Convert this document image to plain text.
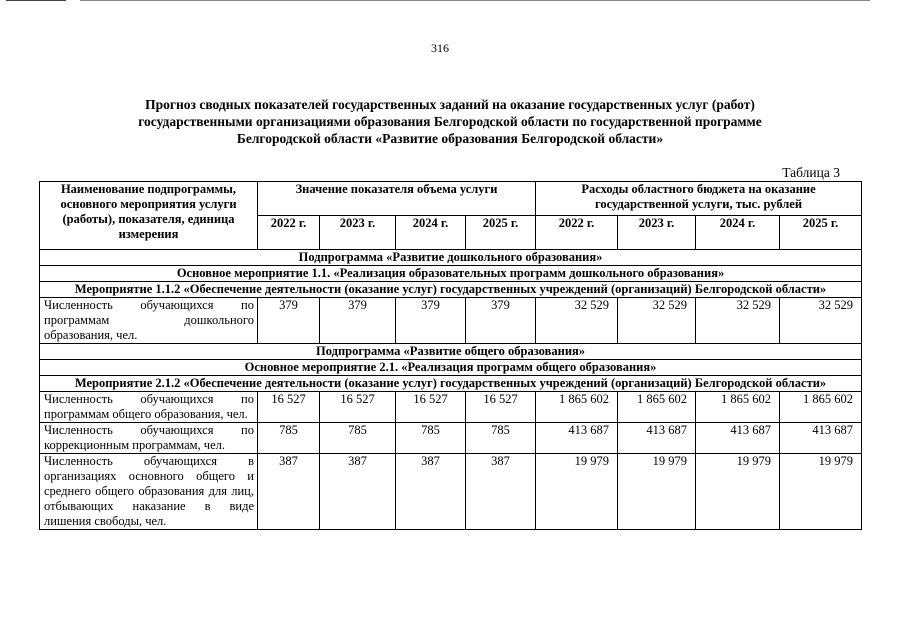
316
Прогноз сводных показателей государственных заданий на оказание государственных услуг (работ)
государственными организациями образования Белгородской области по государственной программе
Белгородской области «Развитие образования Белгородской области»
Таблица 3
Наименование подпрограммы, основного мероприятия услуги (работы), показателя, единица измерения	Значение показателя объема услуги				Расходы областного бюджета на оказание государственной услуги, тыс. рублей			
	2022 г.	2023 г.	2024 г.	2025 г.	2022 г.	2023 г.	2024 г.	2025 г.
Подпрограмма «Развитие дошкольного образования»								
Основное мероприятие 1.1. «Реализация образовательных программ дошкольного образования»								
Мероприятие 1.1.2 «Обеспечение деятельности (оказание услуг) государственных учреждений (организаций) Белгородской области»								
Численность обучающихся по программам дошкольного образования, чел.	379	379	379	379	32 529	32 529	32 529	32 529
Подпрограмма «Развитие общего образования»								
Основное мероприятие 2.1. «Реализация программ общего образования»								
Мероприятие 2.1.2 «Обеспечение деятельности (оказание услуг) государственных учреждений (организаций) Белгородской области»								
Численность обучающихся по программам общего образования, чел.	16 527	16 527	16 527	16 527	1 865 602	1 865 602	1 865 602	1 865 602
Численность обучающихся по коррекционным программам, чел.	785	785	785	785	413 687	413 687	413 687	413 687
Численность обучающихся в организациях основного общего и среднего общего образования для лиц, отбывающих наказание в виде лишения свободы, чел.	387	387	387	387	19 979	19 979	19 979	19 979
